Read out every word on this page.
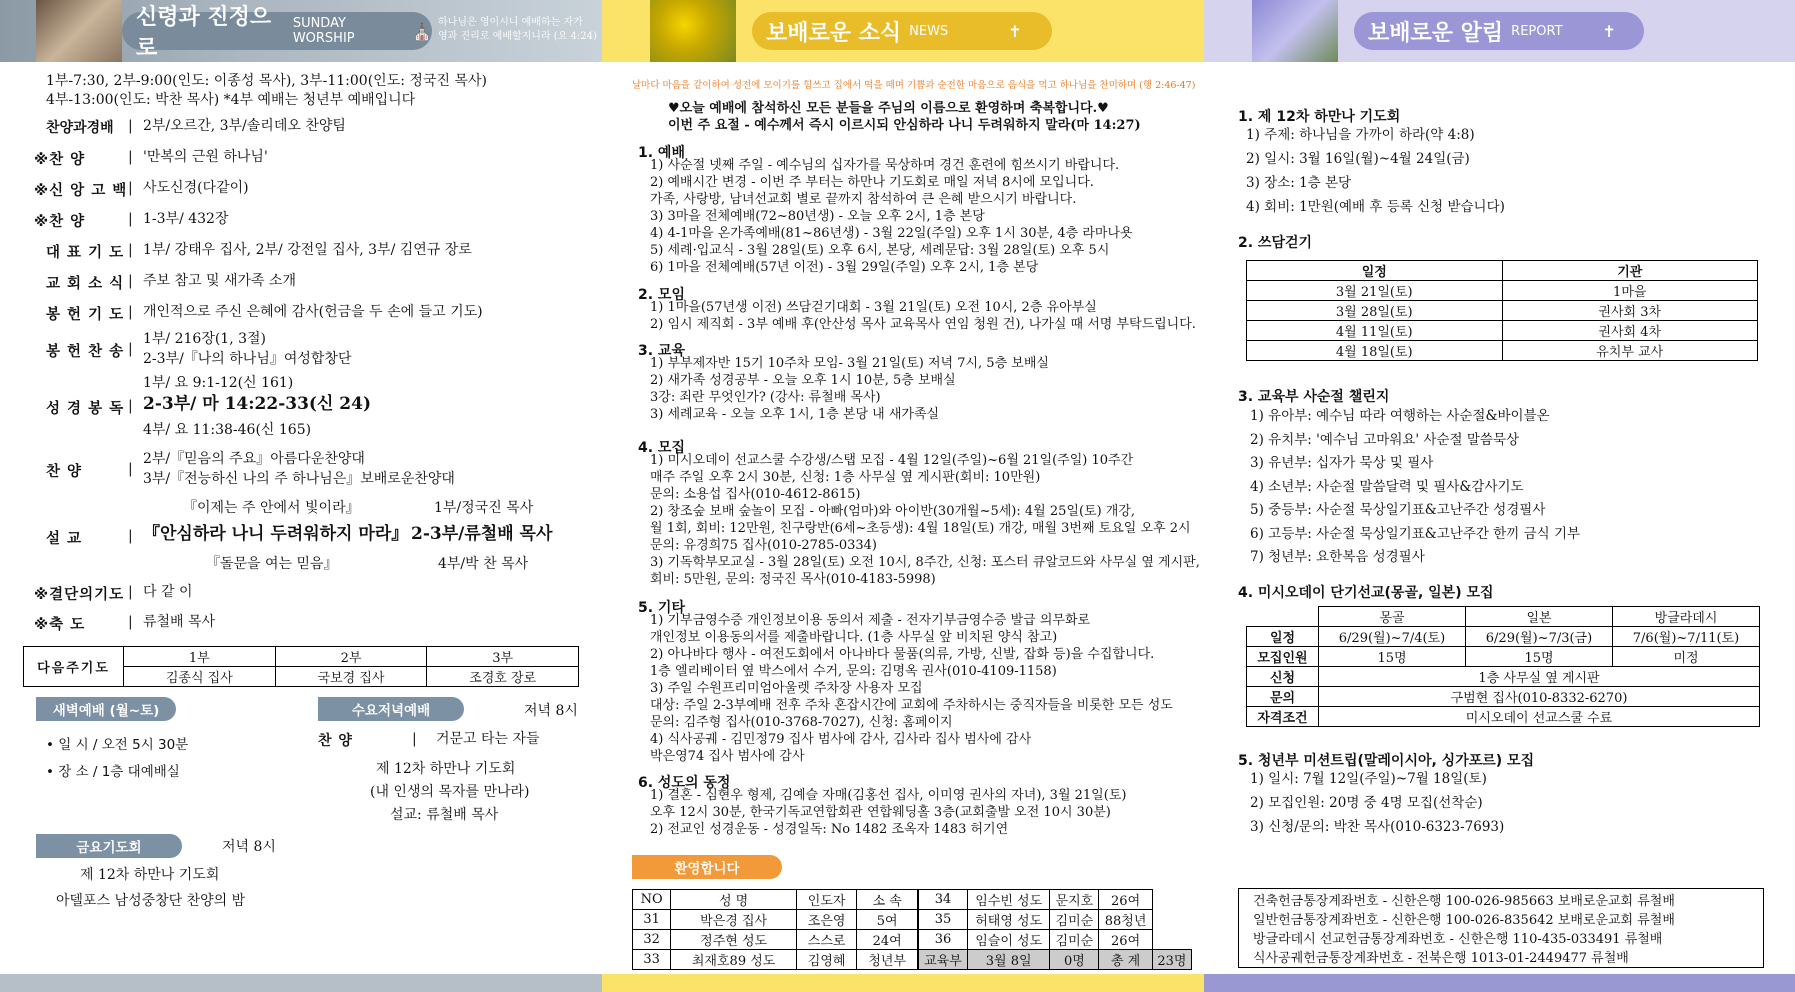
신령과 진정으로
SUNDAY WORSHIP	⛪ 하나님은 영이시니 예배하는 자가
영과 진리로 예배할지니라 (요 4:24)
1부-7:30, 2부-9:00(인도: 이종성 목사), 3부-11:00(인도: 정국진 목사)
4부-13:00(인도: 박찬 목사) *4부 예배는 청년부 예배입니다
찬양과경배 | 2부/오르간, 3부/솔리데오 찬양팀
※찬 양	| '만복의 근원 하나님'
※신 앙 고 백 | 사도신경(다같이)
※찬 양	| 1-3부/ 432장
대 표 기 도 | 1부/ 강태우 집사, 2부/ 강전일 집사, 3부/ 김연규 장로
교 회 소 식 | 주보 참고 및 새가족 소개
봉 헌 기 도 | 개인적으로 주신 은혜에 감사(헌금을 두 손에 들고 기도)
1부/ 216장(1, 3절)
봉 헌 찬 송 |
2-3부/『나의 하나님』여성합창단
1부/ 요 9:1-12(신 161)
성 경 봉 독 | 2-3부/ 마 14:22-33(신 24)
4부/ 요 11:38-46(신 165)
2부/『믿음의 주요』아름다운찬양대
찬 양	|
3부/『전능하신 나의 주 하나님은』보배로운찬양대
『이제는 주 안에서 빛이라』	1부/정국진 목사
설 교	| 『안심하라 나니 두려워하지 마라』 2-3부/류철배 목사
『돌문을 여는 믿음』	4부/박 찬 목사
※결단의기도 | 다 같 이
※축 도	| 류철배 목사
다음주기도	1부	2부	3부
	김종식 집사	국보경 집사	조경호 장로
새벽예배 (월~토)
• 일 시 / 오전 5시 30분
• 장 소 / 1층 대예배실
수요저녁예배	저녁 8시
찬 양	| 거문고 타는 자들
제 12차 하만나 기도회
(내 인생의 목자를 만나라)
설교: 류철배 목사
금요기도회	저녁 8시
제 12차 하만나 기도회
아델포스 남성중창단 찬양의 밤
보배로운 소식 NEWS	✝
날마다 마음을 같이하여 성전에 모이기를 힘쓰고 집에서 떡을 떼며 기쁨과 순전한 마음으로 음식을 먹고 하나님을 찬미하며 (행 2:46-47)
♥오늘 예배에 참석하신 모든 분들을 주님의 이름으로 환영하며 축복합니다.♥
이번 주 요절 - 예수께서 즉시 이르시되 안심하라 나니 두려워하지 말라(마 14:27)
1. 예배
1) 사순절 넷째 주일 - 예수님의 십자가를 묵상하며 경건 훈련에 힘쓰시기 바랍니다.
2) 예배시간 변경 - 이번 주 부터는 하만나 기도회로 매일 저녁 8시에 모입니다.
가족, 사랑방, 남녀선교회 별로 끝까지 참석하여 큰 은혜 받으시기 바랍니다.
3) 3마을 전체예배(72~80년생) - 오늘 오후 2시, 1층 본당
4) 4-1마을 온가족예배(81~86년생) - 3월 22일(주일) 오후 1시 30분, 4층 라마나욧
5) 세례·입교식 - 3월 28일(토) 오후 6시, 본당, 세례문답: 3월 28일(토) 오후 5시
6) 1마을 전체예배(57년 이전) - 3월 29일(주일) 오후 2시, 1층 본당
2. 모임
1) 1마을(57년생 이전) 쓰담걷기대회 - 3월 21일(토) 오전 10시, 2층 유아부실
2) 임시 제직회 - 3부 예배 후(안산성 목사 교육목사 연임 청원 건), 나가실 때 서명 부탁드립니다.
3. 교육
1) 부부제자반 15기 10주차 모임- 3월 21일(토) 저녁 7시, 5층 보배실
2) 새가족 성경공부 - 오늘 오후 1시 10분, 5층 보배실
3강: 죄란 무엇인가? (강사: 류철배 목사)
3) 세례교육 - 오늘 오후 1시, 1층 본당 내 새가족실
4. 모집
1) 미시오데이 선교스쿨 수강생/스탭 모집 - 4월 12일(주일)~6월 21일(주일) 10주간
매주 주일 오후 2시 30분, 신청: 1층 사무실 옆 게시판(회비: 10만원)
문의: 소용섭 집사(010-4612-8615)
2) 창조숲 보배 숲놀이 모집 - 아빠(엄마)와 아이반(30개월~5세): 4월 25일(토) 개강,
월 1회, 회비: 12만원, 친구랑반(6세~초등생): 4월 18일(토) 개강, 매월 3번째 토요일 오후 2시
문의: 유경희75 집사(010-2785-0334)
3) 기독학부모교실 - 3월 28일(토) 오전 10시, 8주간, 신청: 포스터 큐알코드와 사무실 옆 게시판,
회비: 5만원, 문의: 정국진 목사(010-4183-5998)
5. 기타
1) 기부금영수증 개인정보이용 동의서 제출 - 전자기부금영수증 발급 의무화로
개인정보 이용동의서를 제출바랍니다. (1층 사무실 앞 비치된 양식 참고)
2) 아나바다 행사 - 여전도회에서 아나바다 물품(의류, 가방, 신발, 잡화 등)을 수집합니다.
1층 엘리베이터 옆 박스에서 수거, 문의: 김명옥 권사(010-4109-1158)
3) 주일 수원프리미엄아울렛 주차장 사용자 모집
대상: 주일 2-3부예배 전후 주차 혼잡시간에 교회에 주차하시는 중직자들을 비롯한 모든 성도
문의: 김주형 집사(010-3768-7027), 신청: 홈페이지
4) 식사공궤 - 김민정79 집사 범사에 감사, 김사라 집사 범사에 감사
박은영74 집사 범사에 감사
6. 성도의 동정
1) 결혼 - 심현우 형제, 김예슬 자매(김홍선 집사, 이미영 권사의 자녀), 3월 21일(토)
오후 12시 30분, 한국기독교연합회관 연합웨딩홀 3층(교회출발 오전 10시 30분)
2) 전교인 성경운동 - 성경일독: No 1482 조옥자 1483 허기연
환영합니다
NO	성 명	인도자	소 속
31	박은경 집사	조은영	5여
32	정주현 성도	스스로	24여
33	최재호89 성도	김영혜	청년부
34	임수빈 성도	문지호	26여	
35	허태영 성도	김미순	88청년	
36	임슬이 성도	김미순	26여	
교육부	3월 8일	0명	총 계	23명
보배로운 알림 REPORT	✝
1. 제 12차 하만나 기도회
1) 주제: 하나님을 가까이 하라(약 4:8)
2) 일시: 3월 16일(월)~4월 24일(금)
3) 장소: 1층 본당
4) 회비: 1만원(예배 후 등록 신청 받습니다)
2. 쓰담걷기
일정	기관
3월 21일(토)	1마을
3월 28일(토)	권사회 3차
4월 11일(토)	권사회 4차
4월 18일(토)	유치부 교사
3. 교육부 사순절 챌린지
1) 유아부: 예수님 따라 여행하는 사순절&바이블온
2) 유치부: '예수님 고마워요' 사순절 말씀묵상
3) 유년부: 십자가 묵상 및 필사
4) 소년부: 사순절 말씀달력 및 필사&감사기도
5) 중등부: 사순절 묵상일기표&고난주간 성경필사
6) 고등부: 사순절 묵상일기표&고난주간 한끼 금식 기부
7) 청년부: 요한복음 성경필사
4. 미시오데이 단기선교(몽골, 일본) 모집
	몽골	일본	방글라데시
일정	6/29(월)~7/4(토)	6/29(월)~7/3(금)	7/6(월)~7/11(토)
모집인원	15명	15명	미정
신청	1층 사무실 옆 게시판		
문의	구범현 집사(010-8332-6270)		
자격조건	미시오데이 선교스쿨 수료		
5. 청년부 미션트립(말레이시아, 싱가포르) 모집
1) 일시: 7월 12일(주일)~7월 18일(토)
2) 모집인원: 20명 중 4명 모집(선착순)
3) 신청/문의: 박찬 목사(010-6323-7693)
건축헌금통장계좌번호 - 신한은행 100-026-985663 보배로운교회 류철배
일반헌금통장계좌번호 - 신한은행 100-026-835642 보배로운교회 류철배
방글라데시 선교헌금통장계좌번호 - 신한은행 110-435-033491 류철배
식사공궤헌금통장계좌번호 - 전북은행 1013-01-2449477 류철배
